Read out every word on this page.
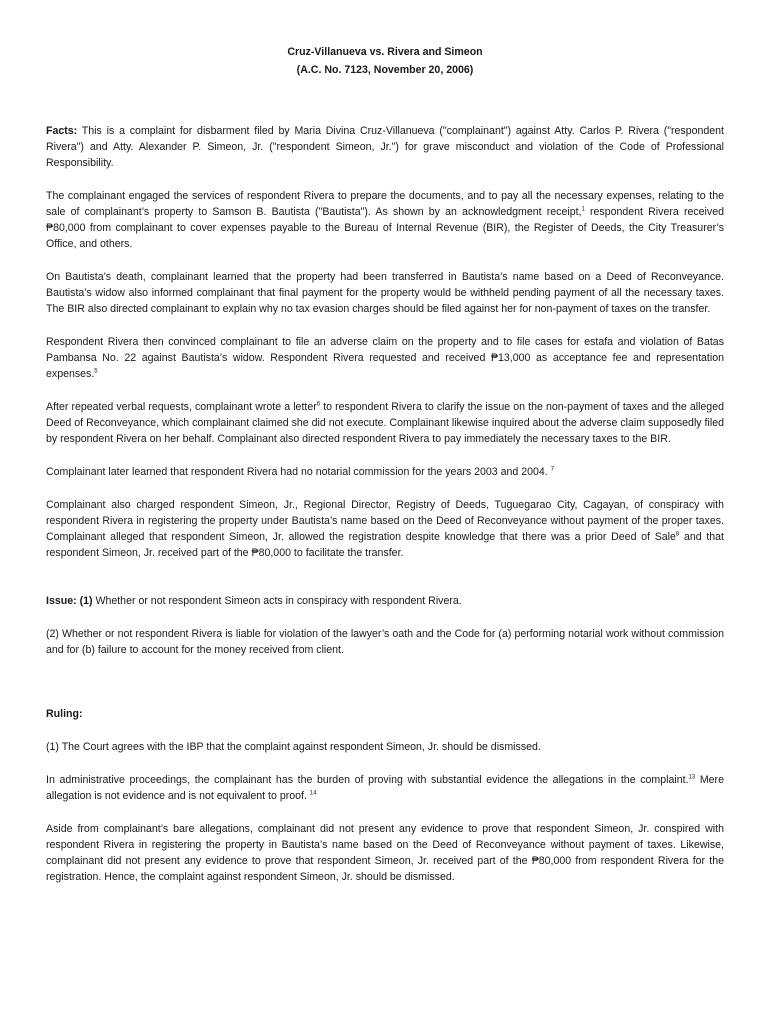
Cruz-Villanueva vs. Rivera and Simeon
(A.C. No. 7123, November 20, 2006)

Facts: This is a complaint for disbarment filed by Maria Divina Cruz-Villanueva ("complainant") against Atty. Carlos P. Rivera ("respondent Rivera") and Atty. Alexander P. Simeon, Jr. ("respondent Simeon, Jr.") for grave misconduct and violation of the Code of Professional Responsibility.

The complainant engaged the services of respondent Rivera to prepare the documents, and to pay all the necessary expenses, relating to the sale of complainant’s property to Samson B. Bautista ("Bautista"). As shown by an acknowledgment receipt,$^1$ respondent Rivera received ₱80,000 from complainant to cover expenses payable to the Bureau of Internal Revenue (BIR), the Register of Deeds, the City Treasurer’s Office, and others.

On Bautista’s death, complainant learned that the property had been transferred in Bautista’s name based on a Deed of Reconveyance. Bautista’s widow also informed complainant that final payment for the property would be withheld pending payment of all the necessary taxes. The BIR also directed complainant to explain why no tax evasion charges should be filed against her for non-payment of taxes on the transfer.

Respondent Rivera then convinced complainant to file an adverse claim on the property and to file cases for estafa and violation of Batas Pambansa No. 22 against Bautista’s widow. Respondent Rivera requested and received ₱13,000 as acceptance fee and representation expenses.$^5$

After repeated verbal requests, complainant wrote a letter$^6$ to respondent Rivera to clarify the issue on the non-payment of taxes and the alleged Deed of Reconveyance, which complainant claimed she did not execute. Complainant likewise inquired about the adverse claim supposedly filed by respondent Rivera on her behalf. Complainant also directed respondent Rivera to pay immediately the necessary taxes to the BIR.

Complainant later learned that respondent Rivera had no notarial commission for the years 2003 and 2004. $^7$

Complainant also charged respondent Simeon, Jr., Regional Director, Registry of Deeds, Tuguegarao City, Cagayan, of conspiracy with respondent Rivera in registering the property under Bautista’s name based on the Deed of Reconveyance without payment of the proper taxes. Complainant alleged that respondent Simeon, Jr. allowed the registration despite knowledge that there was a prior Deed of Sale$^8$ and that respondent Simeon, Jr. received part of the ₱80,000 to facilitate the transfer.

Issue: (1) Whether or not respondent Simeon acts in conspiracy with respondent Rivera.

(2) Whether or not respondent Rivera is liable for violation of the lawyer’s oath and the Code for (a) performing notarial work without commission and for (b) failure to account for the money received from client.

Ruling:

(1) The Court agrees with the IBP that the complaint against respondent Simeon, Jr. should be dismissed.

In administrative proceedings, the complainant has the burden of proving with substantial evidence the allegations in the complaint.$^{13}$ Mere allegation is not evidence and is not equivalent to proof. $^{14}$

Aside from complainant’s bare allegations, complainant did not present any evidence to prove that respondent Simeon, Jr. conspired with respondent Rivera in registering the property in Bautista’s name based on the Deed of Reconveyance without payment of taxes. Likewise, complainant did not present any evidence to prove that respondent Simeon, Jr. received part of the ₱80,000 from respondent Rivera for the registration. Hence, the complaint against respondent Simeon, Jr. should be dismissed.
